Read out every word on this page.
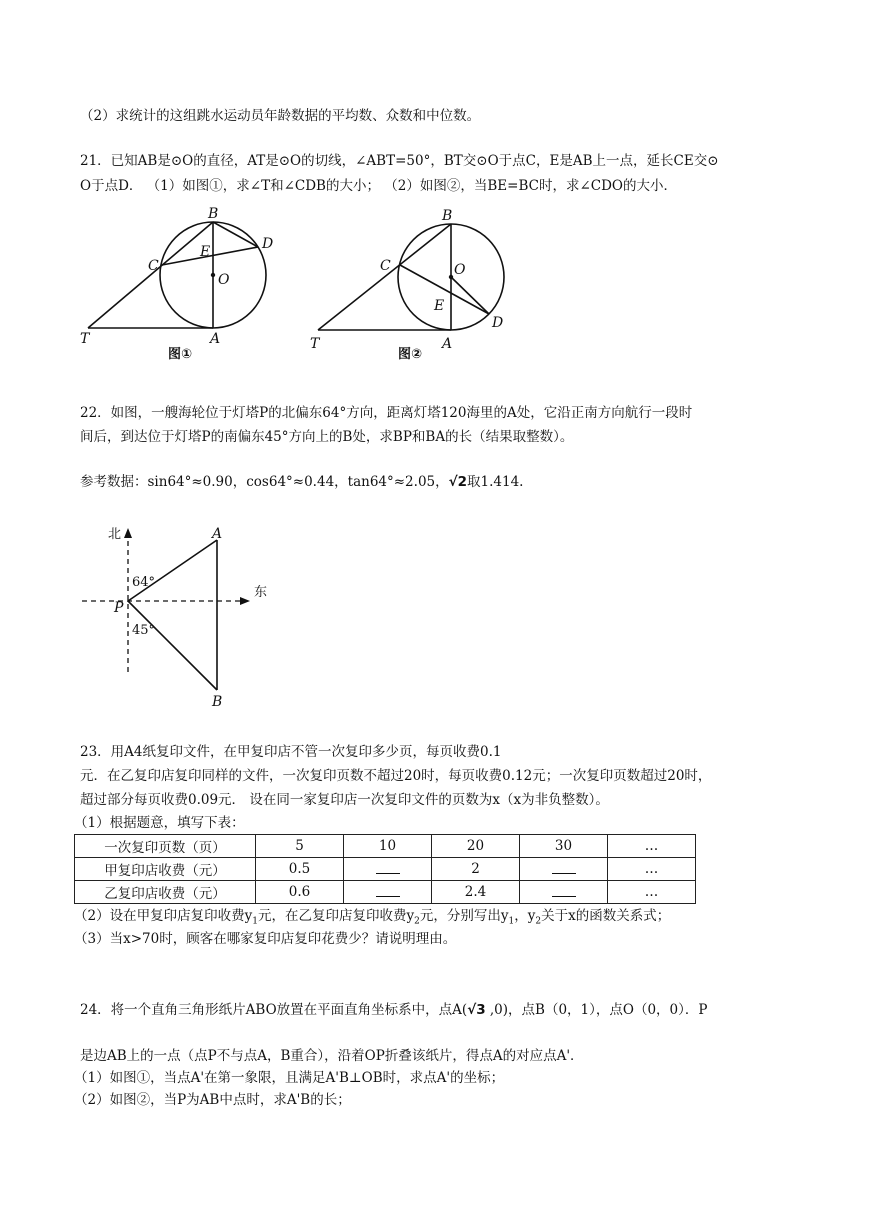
（2）求统计的这组跳水运动员年龄数据的平均数、众数和中位数。
21．已知AB是⊙O的直径，AT是⊙O的切线，∠ABT=50°，BT交⊙O于点C，E是AB上一点，延长CE交⊙
O于点D． （1）如图①，求∠T和∠CDB的大小； （2）如图②，当BE=BC时，求∠CDO的大小．
B
D
E
C
O
T	A
图①
B
C	O
E
D
T	A
图②
22．如图，一艘海轮位于灯塔P的北偏东64°方向，距离灯塔120海里的A处，它沿正南方向航行一段时
间后，到达位于灯塔P的南偏东45°方向上的B处，求BP和BA的长（结果取整数）。
参考数据：sin64°≈0.90，cos64°≈0.44，tan64°≈2.05，√2取1.414.
北
东
64°
45°
A
B
P
23．用A4纸复印文件，在甲复印店不管一次复印多少页，每页收费0.1
元．在乙复印店复印同样的文件，一次复印页数不超过20时，每页收费0.12元；一次复印页数超过20时，
超过部分每页收费0.09元． 设在同一家复印店一次复印文件的页数为x（x为非负整数）。
（1）根据题意，填写下表：
一次复印页数（页）	5	10	20	30	…
甲复印店收费（元）	0.5		2		…
乙复印店收费（元）	0.6		2.4		…
（2）设在甲复印店复印收费$y_1$元，在乙复印店复印收费$y_2$元，分别写出$y_1$，$y_2$关于x的函数关系式；
（3）当x>70时，顾客在哪家复印店复印花费少？请说明理由。
24．将一个直角三角形纸片ABO放置在平面直角坐标系中，点A(√3 ,0)，点B（0，1），点O（0，0）．P
是边AB上的一点（点P不与点A，B重合），沿着OP折叠该纸片，得点A的对应点A'．
（1）如图①，当点A'在第一象限，且满足A'B⊥OB时，求点A'的坐标；
（2）如图②，当P为AB中点时，求A'B的长；
